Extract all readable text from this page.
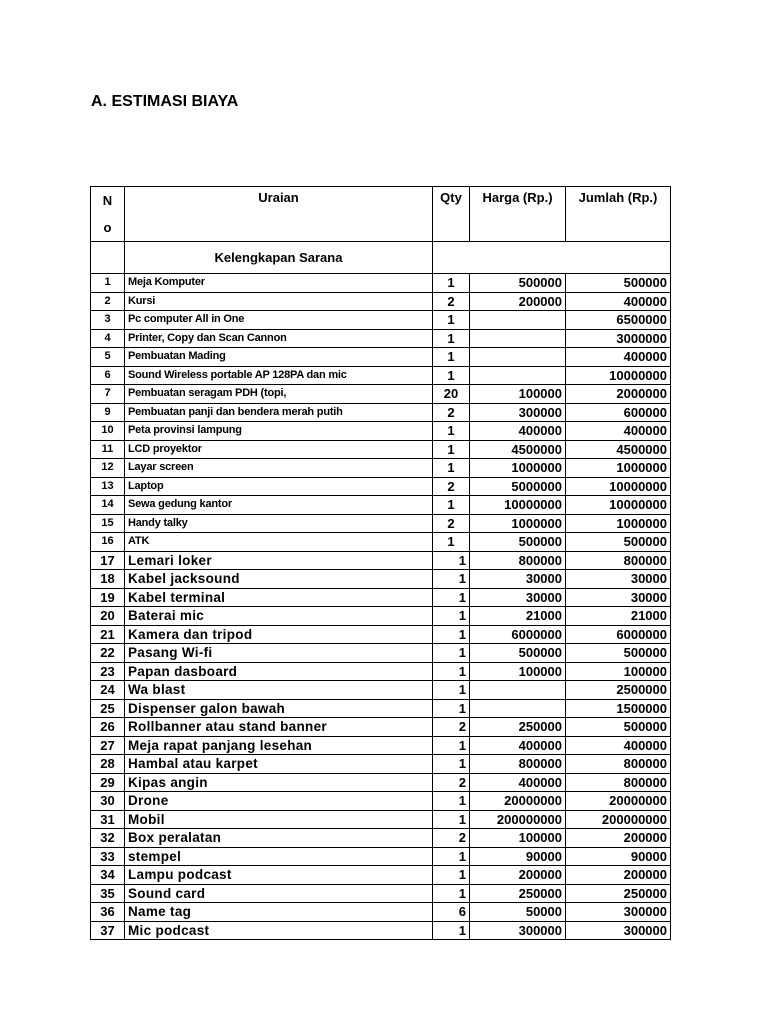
A. ESTIMASI BIAYA
N
o	Uraian	Qty	Harga (Rp.)	Jumlah (Rp.)
	Kelengkapan Sarana			
1	Meja Komputer	1	500000	500000
2	Kursi	2	200000	400000
3	Pc computer All in One	1		6500000
4	Printer, Copy dan Scan Cannon	1		3000000
5	Pembuatan Mading	1		400000
6	Sound Wireless portable AP 128PA dan mic	1		10000000
7	Pembuatan seragam PDH (topi,	20	100000	2000000
9	Pembuatan panji dan bendera merah putih	2	300000	600000
10	Peta provinsi lampung	1	400000	400000
11	LCD proyektor	1	4500000	4500000
12	Layar screen	1	1000000	1000000
13	Laptop	2	5000000	10000000
14	Sewa gedung kantor	1	10000000	10000000
15	Handy talky	2	1000000	1000000
16	ATK	1	500000	500000
17	Lemari loker	1	800000	800000
18	Kabel jacksound	1	30000	30000
19	Kabel terminal	1	30000	30000
20	Baterai mic	1	21000	21000
21	Kamera dan tripod	1	6000000	6000000
22	Pasang Wi-fi	1	500000	500000
23	Papan dasboard	1	100000	100000
24	Wa blast	1		2500000
25	Dispenser galon bawah	1		1500000
26	Rollbanner atau stand banner	2	250000	500000
27	Meja rapat panjang lesehan	1	400000	400000
28	Hambal atau karpet	1	800000	800000
29	Kipas angin	2	400000	800000
30	Drone	1	20000000	20000000
31	Mobil	1	200000000	200000000
32	Box peralatan	2	100000	200000
33	stempel	1	90000	90000
34	Lampu podcast	1	200000	200000
35	Sound card	1	250000	250000
36	Name tag	6	50000	300000
37	Mic podcast	1	300000	300000
